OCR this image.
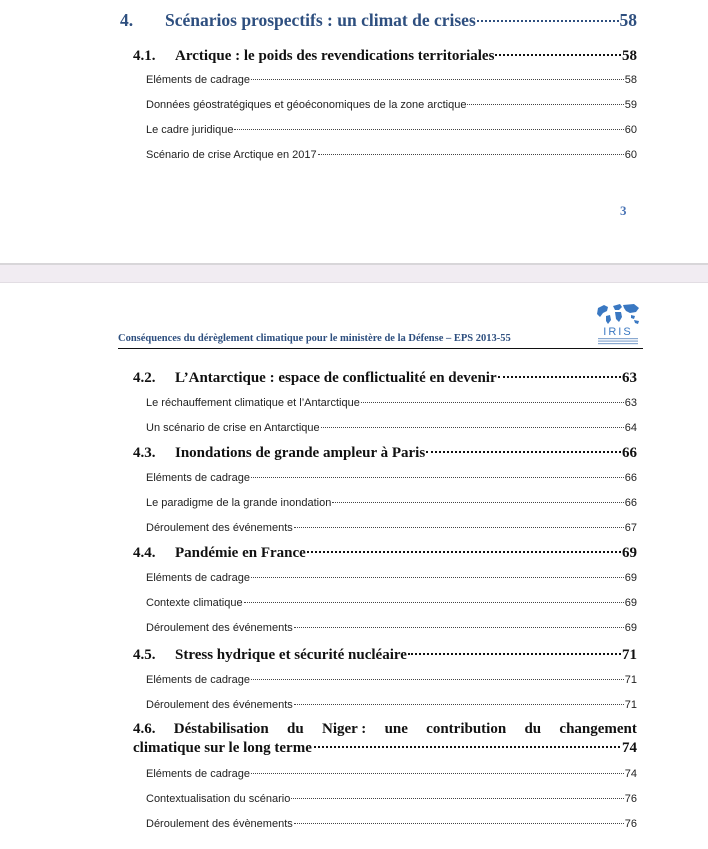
4. Scénarios prospectifs : un climat de crises	58
4.1. Arctique : le poids des revendications territoriales	58
Eléments de cadrage	58
Données géostratégiques et géoéconomiques de la zone arctique	59
Le cadre juridique	60
Scénario de crise Arctique en 2017	60
3
IRIS
Conséquences du dérèglement climatique pour le ministère de la Défense – EPS 2013-55
4.2. L’Antarctique : espace de conflictualité en devenir	63
Le réchauffement climatique et l’Antarctique	63
Un scénario de crise en Antarctique	64
4.3. Inondations de grande ampleur à Paris	66
Eléments de cadrage	66
Le paradigme de la grande inondation	66
Déroulement des événements	67
4.4. Pandémie en France	69
Eléments de cadrage	69
Contexte climatique	69
Déroulement des événements	69
4.5. Stress hydrique et sécurité nucléaire	71
Eléments de cadrage	71
Déroulement des événements	71
4.6. Déstabilisation du Niger : une contribution du changement
climatique sur le long terme	74
Eléments de cadrage	74
Contextualisation du scénario	76
Déroulement des évènements	76
